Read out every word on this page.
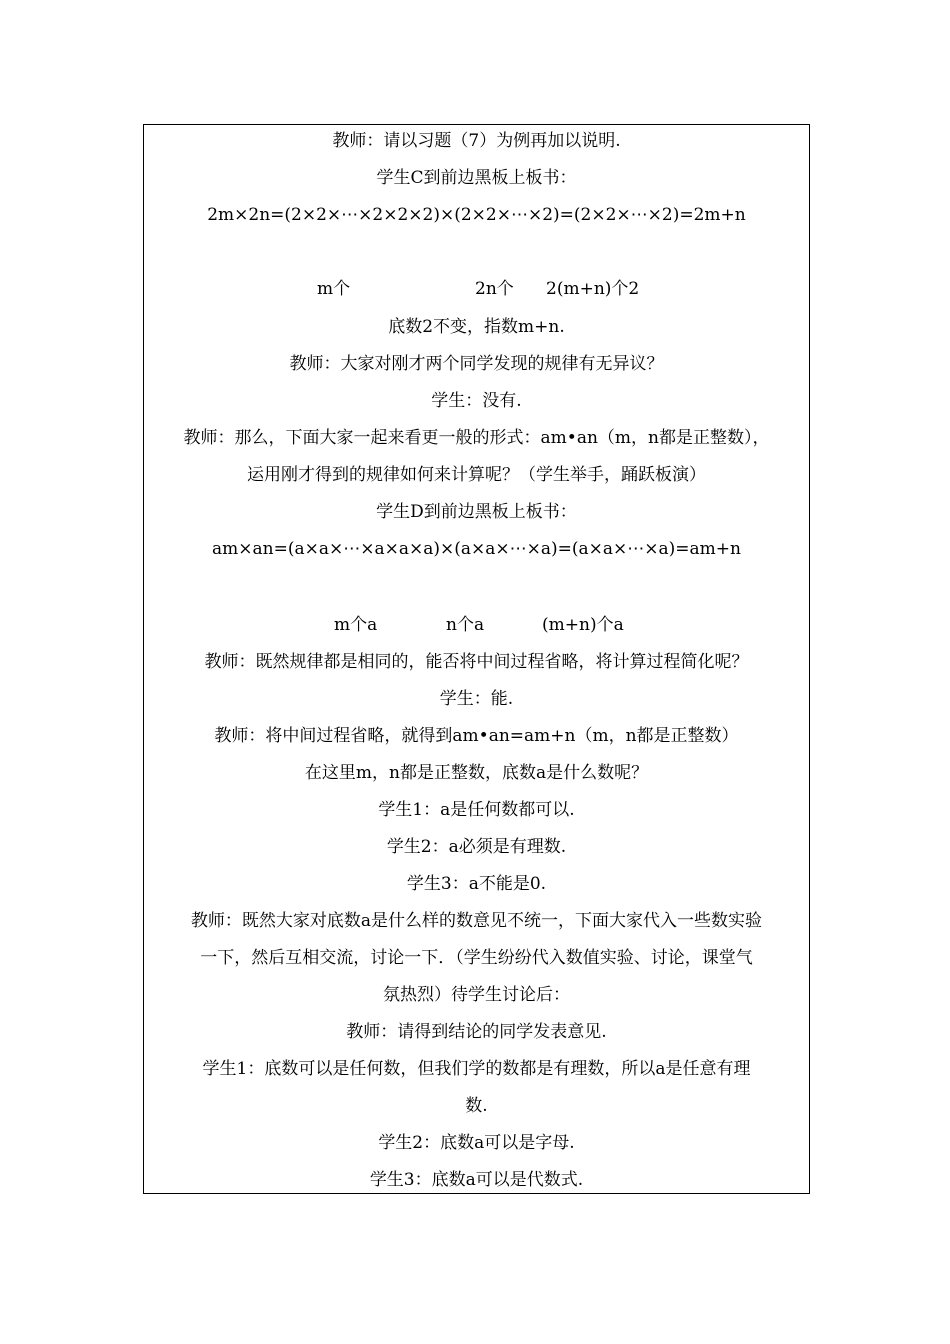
教师：请以习题（7）为例再加以说明.
学生C到前边黑板上板书：
2m×2n=(2×2×⋯×2×2×2)×(2×2×⋯×2)=(2×2×⋯×2)=2m+n
m个	2n个 2(m+n)个2
底数2不变，指数m+n.
教师：大家对刚才两个同学发现的规律有无异议？
学生：没有.
教师：那么，下面大家一起来看更一般的形式：am•an（m，n都是正整数），
运用刚才得到的规律如何来计算呢？（学生举手，踊跃板演）
学生D到前边黑板上板书：
am×an=(a×a×⋯×a×a×a)×(a×a×⋯×a)=(a×a×⋯×a)=am+n
m个a	n个a	(m+n)个a
教师：既然规律都是相同的，能否将中间过程省略，将计算过程简化呢？
学生：能.
教师：将中间过程省略，就得到am•an=am+n（m，n都是正整数）
在这里m，n都是正整数，底数a是什么数呢？
学生1：a是任何数都可以.
学生2：a必须是有理数.
学生3：a不能是0.
教师：既然大家对底数a是什么样的数意见不统一，下面大家代入一些数实验
一下，然后互相交流，讨论一下．（学生纷纷代入数值实验、讨论，课堂气
氛热烈）待学生讨论后：
教师：请得到结论的同学发表意见.
学生1：底数可以是任何数，但我们学的数都是有理数，所以a是任意有理
数.
学生2：底数a可以是字母.
学生3：底数a可以是代数式.
